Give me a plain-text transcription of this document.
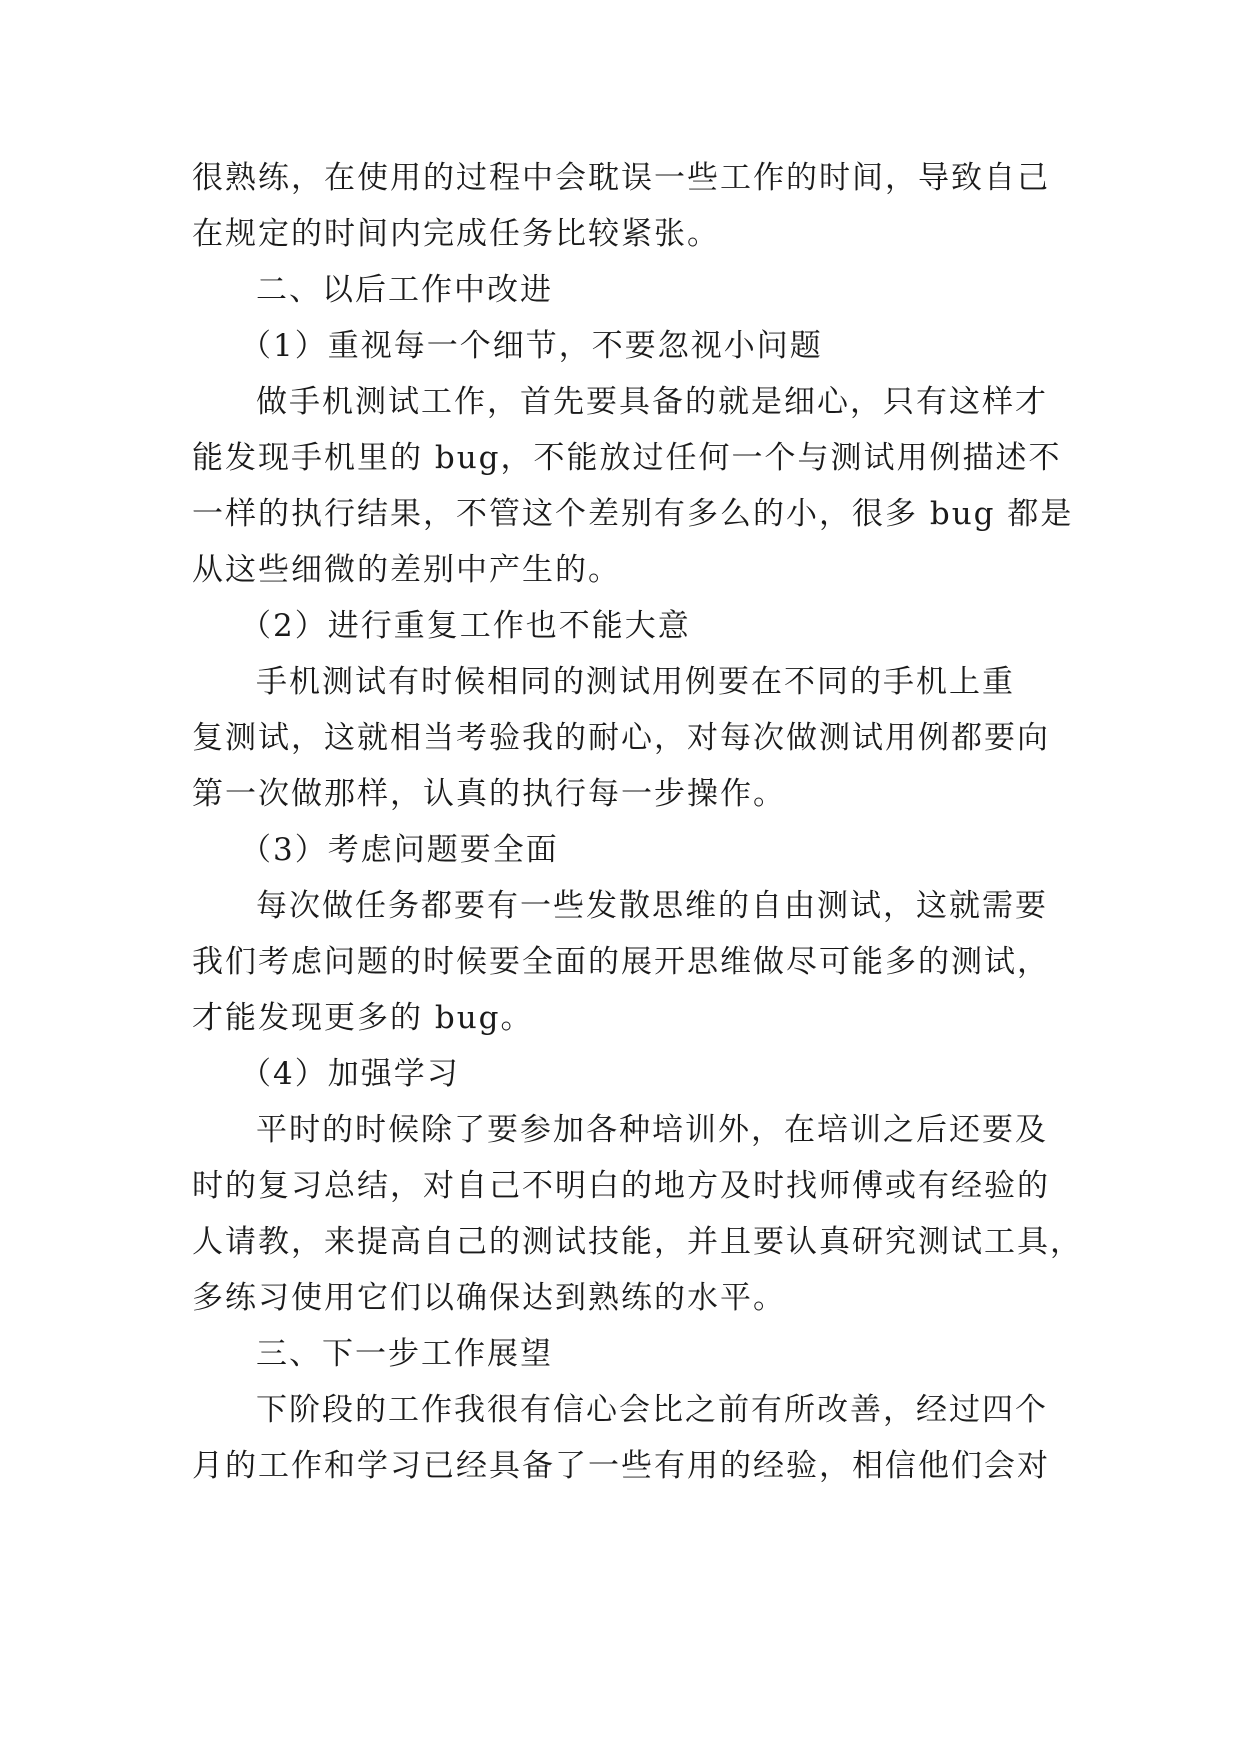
很熟练，在使用的过程中会耽误一些工作的时间，导致自己
在规定的时间内完成任务比较紧张。
二、以后工作中改进
（1）重视每一个细节，不要忽视小问题
做手机测试工作，首先要具备的就是细心，只有这样才
能发现手机里的 bug，不能放过任何一个与测试用例描述不
一样的执行结果，不管这个差别有多么的小，很多 bug 都是
从这些细微的差别中产生的。
（2）进行重复工作也不能大意
手机测试有时候相同的测试用例要在不同的手机上重
复测试，这就相当考验我的耐心，对每次做测试用例都要向
第一次做那样，认真的执行每一步操作。
（3）考虑问题要全面
每次做任务都要有一些发散思维的自由测试，这就需要
我们考虑问题的时候要全面的展开思维做尽可能多的测试，
才能发现更多的 bug。
（4）加强学习
平时的时候除了要参加各种培训外，在培训之后还要及
时的复习总结，对自己不明白的地方及时找师傅或有经验的
人请教，来提高自己的测试技能，并且要认真研究测试工具，
多练习使用它们以确保达到熟练的水平。
三、下一步工作展望
下阶段的工作我很有信心会比之前有所改善，经过四个
月的工作和学习已经具备了一些有用的经验，相信他们会对
